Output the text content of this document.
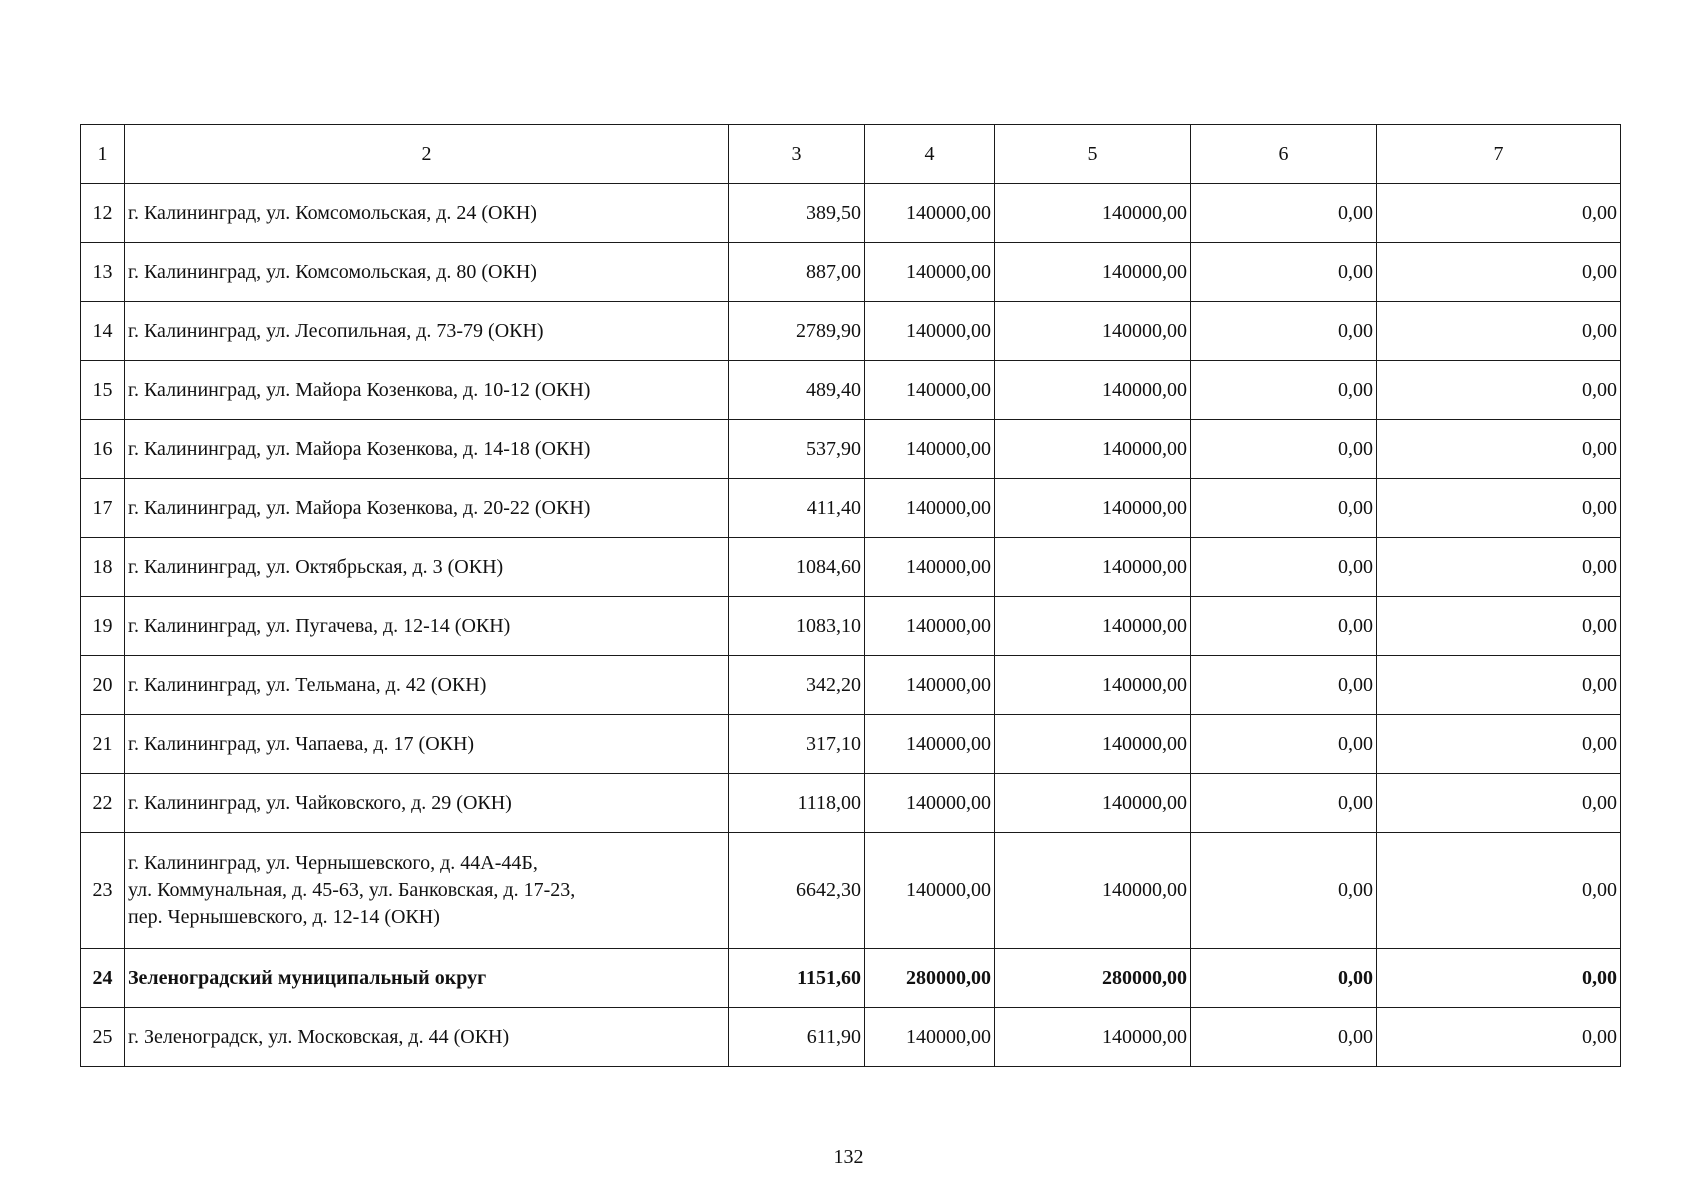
1	2	3	4	5	6	7
12	г. Калининград, ул. Комсомольская, д. 24 (ОКН)	389,50	140000,00	140000,00	0,00	0,00
13	г. Калининград, ул. Комсомольская, д. 80 (ОКН)	887,00	140000,00	140000,00	0,00	0,00
14	г. Калининград, ул. Лесопильная, д. 73-79 (ОКН)	2789,90	140000,00	140000,00	0,00	0,00
15	г. Калининград, ул. Майора Козенкова, д. 10-12 (ОКН)	489,40	140000,00	140000,00	0,00	0,00
16	г. Калининград, ул. Майора Козенкова, д. 14-18 (ОКН)	537,90	140000,00	140000,00	0,00	0,00
17	г. Калининград, ул. Майора Козенкова, д. 20-22 (ОКН)	411,40	140000,00	140000,00	0,00	0,00
18	г. Калининград, ул. Октябрьская, д. 3 (ОКН)	1084,60	140000,00	140000,00	0,00	0,00
19	г. Калининград, ул. Пугачева, д. 12-14 (ОКН)	1083,10	140000,00	140000,00	0,00	0,00
20	г. Калининград, ул. Тельмана, д. 42 (ОКН)	342,20	140000,00	140000,00	0,00	0,00
21	г. Калининград, ул. Чапаева, д. 17 (ОКН)	317,10	140000,00	140000,00	0,00	0,00
22	г. Калининград, ул. Чайковского, д. 29 (ОКН)	1118,00	140000,00	140000,00	0,00	0,00
23	г. Калининград, ул. Чернышевского, д. 44А-44Б,
ул. Коммунальная, д. 45-63, ул. Банковская, д. 17-23,
пер. Чернышевского, д. 12-14 (ОКН)	6642,30	140000,00	140000,00	0,00	0,00
24	Зеленоградский муниципальный округ	1151,60	280000,00	280000,00	0,00	0,00
25	г. Зеленоградск, ул. Московская, д. 44 (ОКН)	611,90	140000,00	140000,00	0,00	0,00
132
